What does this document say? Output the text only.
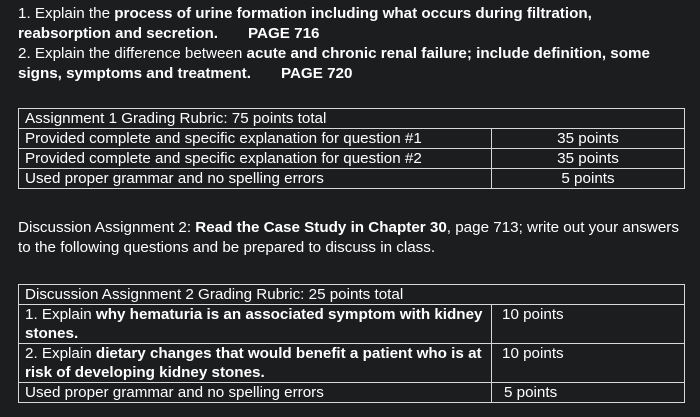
1. Explain the process of urine formation including what occurs during filtration, reabsorption and secretion. PAGE 716
2. Explain the difference between acute and chronic renal failure; include definition, some signs, symptoms and treatment. PAGE 720
Assignment 1 Grading Rubric: 75 points total	
Provided complete and specific explanation for question #1	35 points
Provided complete and specific explanation for question #2	35 points
Used proper grammar and no spelling errors	5 points
Discussion Assignment 2: Read the Case Study in Chapter 30, page 713; write out your answers to the following questions and be prepared to discuss in class.
Discussion Assignment 2 Grading Rubric: 25 points total	
1. Explain why hematuria is an associated symptom with kidney stones.	10 points
2. Explain dietary changes that would benefit a patient who is at risk of developing kidney stones.	10 points
Used proper grammar and no spelling errors	5 points
